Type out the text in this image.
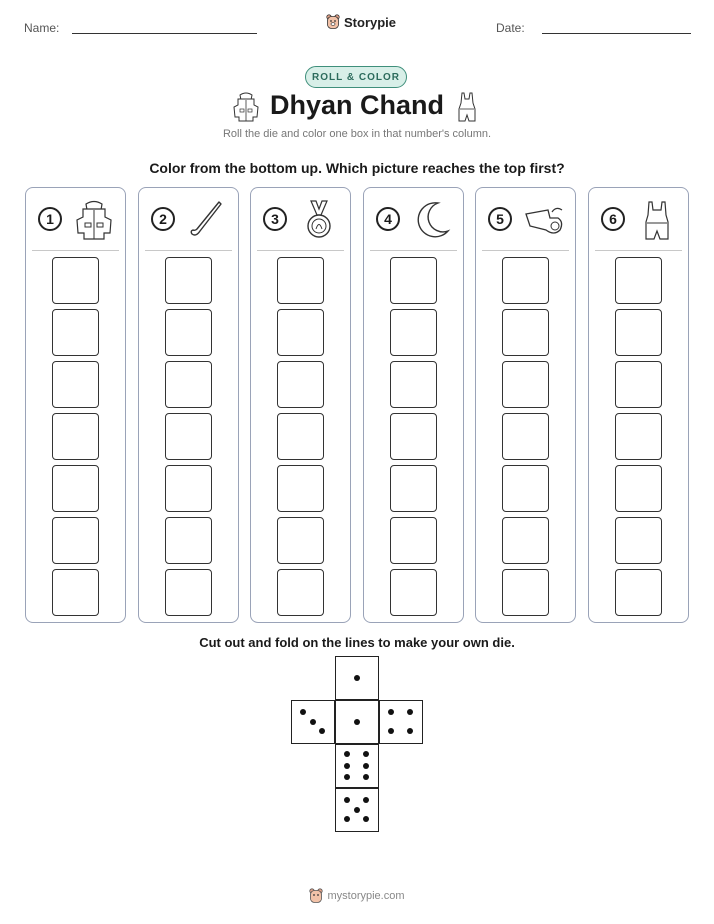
Name:	Storypie	Date:
ROLL & COLOR
Dhyan Chand
Roll the die and color one box in that number's column.
Color from the bottom up. Which picture reaches the top first?
1	2	3	4	5	6
Cut out and fold on the lines to make your own die.
mystorypie.com
